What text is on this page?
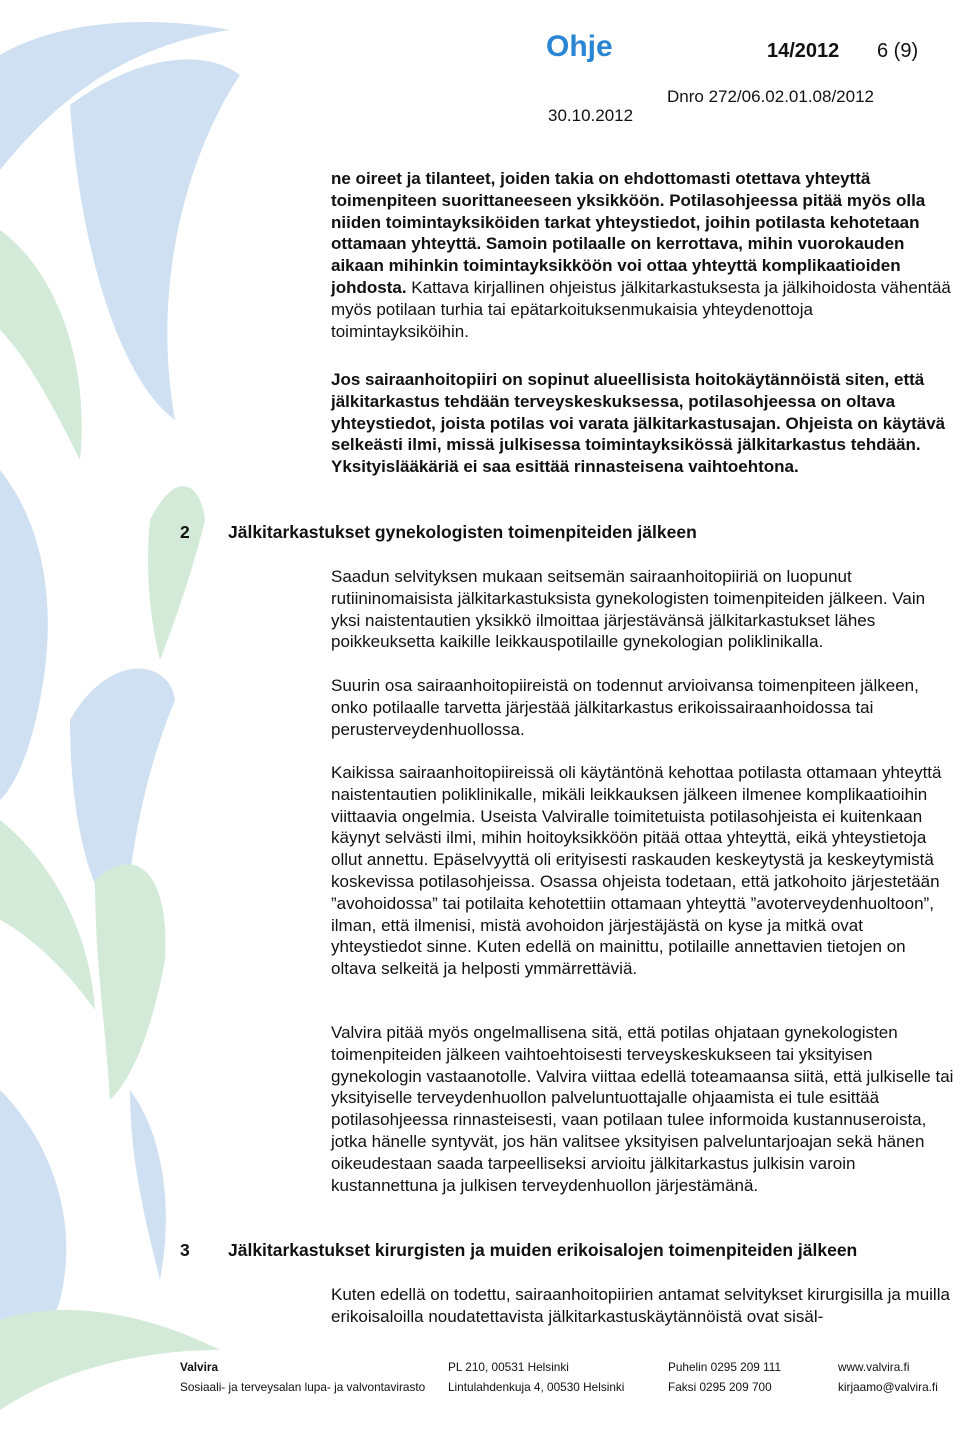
Ohje	14/2012 6 (9)
Dnro 272/06.02.01.08/2012
30.10.2012

ne oireet ja tilanteet, joiden takia on ehdottomasti otettava yhteyttä toimenpiteen suorittaneeseen yksikköön. Potilasohjeessa pitää myös olla niiden toimintayksiköiden tarkat yhteystiedot, joihin potilasta kehotetaan ottamaan yhteyttä. Samoin potilaalle on kerrottava, mihin vuorokauden aikaan mihinkin toimintayksikköön voi ottaa yhteyttä komplikaatioiden johdosta. Kattava kirjallinen ohjeistus jälkitarkastuksesta ja jälkihoidosta vähentää myös potilaan turhia tai epätarkoituksenmukaisia yhteydenottoja toimintayksiköihin.

Jos sairaanhoitopiiri on sopinut alueellisista hoitokäytännöistä siten, että jälkitarkastus tehdään terveyskeskuksessa, potilasohjeessa on oltava yhteystiedot, joista potilas voi varata jälkitarkastusajan. Ohjeista on käytävä selkeästi ilmi, missä julkisessa toimintayksikössä jälkitarkastus tehdään. Yksityislääkäriä ei saa esittää rinnasteisena vaihtoehtona.
2 Jälkitarkastukset gynekologisten toimenpiteiden jälkeen
Saadun selvityksen mukaan seitsemän sairaanhoitopiiriä on luopunut rutiininomaisista jälkitarkastuksista gynekologisten toimenpiteiden jälkeen. Vain yksi naistentautien yksikkö ilmoittaa järjestävänsä jälkitarkastukset lähes poikkeuksetta kaikille leikkauspotilaille gynekologian poliklinikalla.
Suurin osa sairaanhoitopiireistä on todennut arvioivansa toimenpiteen jälkeen, onko potilaalle tarvetta järjestää jälkitarkastus erikoissairaanhoidossa tai perusterveydenhuollossa.
Kaikissa sairaanhoitopiireissä oli käytäntönä kehottaa potilasta ottamaan yhteyttä naistentautien poliklinikalle, mikäli leikkauksen jälkeen ilmenee komplikaatioihin viittaavia ongelmia. Useista Valviralle toimitetuista potilasohjeista ei kuitenkaan käynyt selvästi ilmi, mihin hoitoyksikköön pitää ottaa yhteyttä, eikä yhteystietoja ollut annettu. Epäselvyyttä oli erityisesti raskauden keskeytystä ja keskeytymistä koskevissa potilasohjeissa. Osassa ohjeista todetaan, että jatkohoito järjestetään ”avohoidossa” tai potilaita kehotettiin ottamaan yhteyttä ”avoterveydenhuoltoon”, ilman, että ilmenisi, mistä avohoidon järjestäjästä on kyse ja mitkä ovat yhteystiedot sinne. Kuten edellä on mainittu, potilaille annettavien tietojen on oltava selkeitä ja helposti ymmärrettäviä.
Valvira pitää myös ongelmallisena sitä, että potilas ohjataan gynekologisten toimenpiteiden jälkeen vaihtoehtoisesti terveyskeskukseen tai yksityisen gynekologin vastaanotolle. Valvira viittaa edellä toteamaansa siitä, että julkiselle tai yksityiselle terveydenhuollon palveluntuottajalle ohjaamista ei tule esittää potilasohjeessa rinnasteisesti, vaan potilaan tulee informoida kustannuseroista, jotka hänelle syntyvät, jos hän valitsee yksityisen palveluntarjoajan sekä hänen oikeudestaan saada tarpeelliseksi arvioitu jälkitarkastus julkisin varoin kustannettuna ja julkisen terveydenhuollon järjestämänä.
3 Jälkitarkastukset kirurgisten ja muiden erikoisalojen toimenpiteiden jälkeen
Kuten edellä on todettu, sairaanhoitopiirien antamat selvitykset kirurgisilla ja muilla erikoisaloilla noudatettavista jälkitarkastuskäytännöistä ovat sisäl-
Valvira
Sosiaali- ja terveysalan lupa- ja valvontavirasto
PL 210, 00531 Helsinki
Lintulahdenkuja 4, 00530 Helsinki
Puhelin 0295 209 111
Faksi 0295 209 700
www.valvira.fi
kirjaamo@valvira.fi
